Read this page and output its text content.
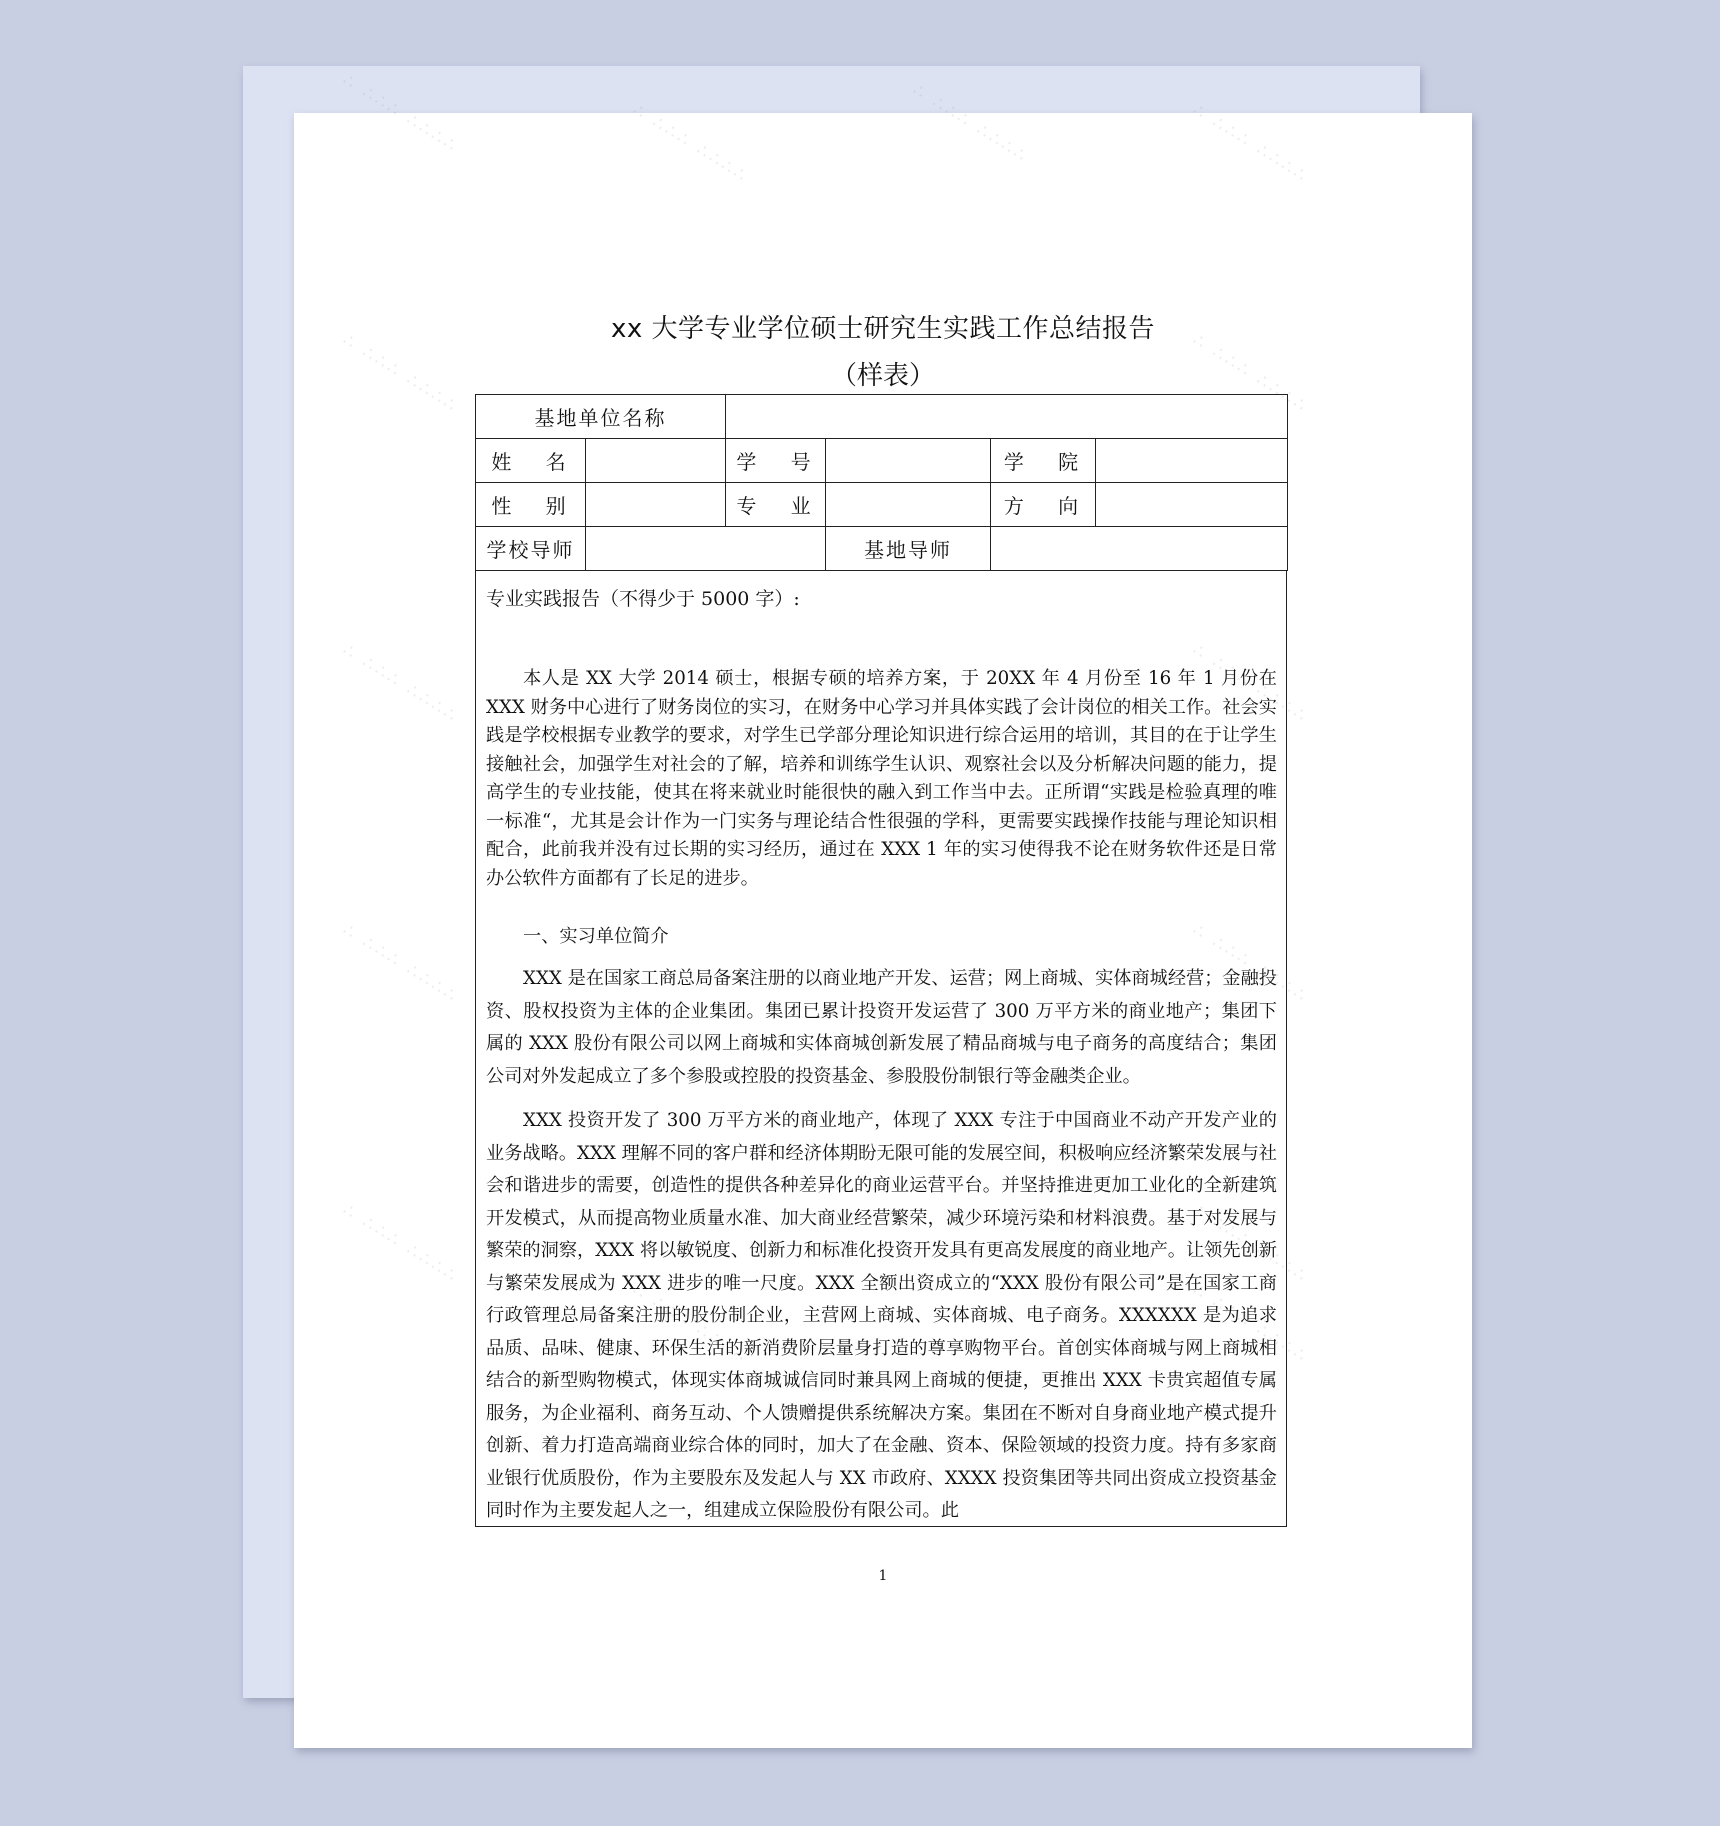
∴ ∴∴∴ ∴∴∴∴	∴ ∴∴∴ ∴∴∴∴	∴ ∴∴∴ ∴∴∴∴	∴ ∴∴∴ ∴∴∴∴
∴ ∴∴∴ ∴∴∴∴	∴ ∴∴∴ ∴∴∴∴
∴ ∴∴∴ ∴∴∴∴	∴ ∴∴∴ ∴∴∴∴
∴ ∴∴∴ ∴∴∴∴	∴ ∴∴∴ ∴∴∴∴
∴ ∴∴∴ ∴∴∴∴	∴ ∴∴∴ ∴∴∴∴
∴ ∴∴∴ ∴∴∴∴	∴ ∴∴∴ ∴∴∴∴
xx 大学专业学位硕士研究生实践工作总结报告
（样表）
基地单位名称					
姓 名		学 号		学 院	
性 别		专 业		方 向	
学校导师			基地导师		

专业实践报告（不得少于 5000 字）:

本人是 XX 大学 2014 硕士，根据专硕的培养方案，于 20XX 年 4 月份至 16 年 1 月份在 XXX 财务中心进行了财务岗位的实习，在财务中心学习并具体实践了会计岗位的相关工作。社会实践是学校根据专业教学的要求，对学生已学部分理论知识进行综合运用的培训，其目的在于让学生接触社会，加强学生对社会的了解，培养和训练学生认识、观察社会以及分析解决问题的能力，提高学生的专业技能，使其在将来就业时能很快的融入到工作当中去。正所谓“实践是检验真理的唯一标准“，尤其是会计作为一门实务与理论结合性很强的学科，更需要实践操作技能与理论知识相配合，此前我并没有过长期的实习经历，通过在 XXX 1 年的实习使得我不论在财务软件还是日常办公软件方面都有了长足的进步。

一、实习单位简介

XXX 是在国家工商总局备案注册的以商业地产开发、运营；网上商城、实体商城经营；金融投资、股权投资为主体的企业集团。集团已累计投资开发运营了 300 万平方米的商业地产；集团下属的 XXX 股份有限公司以网上商城和实体商城创新发展了精品商城与电子商务的高度结合；集团公司对外发起成立了多个参股或控股的投资基金、参股股份制银行等金融类企业。

XXX 投资开发了 300 万平方米的商业地产，体现了 XXX 专注于中国商业不动产开发产业的业务战略。XXX 理解不同的客户群和经济体期盼无限可能的发展空间，积极响应经济繁荣发展与社会和谐进步的需要，创造性的提供各种差异化的商业运营平台。并坚持推进更加工业化的全新建筑开发模式，从而提高物业质量水准、加大商业经营繁荣，减少环境污染和材料浪费。基于对发展与繁荣的洞察，XXX 将以敏锐度、创新力和标准化投资开发具有更高发展度的商业地产。让领先创新与繁荣发展成为 XXX 进步的唯一尺度。XXX 全额出资成立的“XXX 股份有限公司”是在国家工商行政管理总局备案注册的股份制企业，主营网上商城、实体商城、电子商务。XXXXXX 是为追求品质、品味、健康、环保生活的新消费阶层量身打造的尊享购物平台。首创实体商城与网上商城相结合的新型购物模式，体现实体商城诚信同时兼具网上商城的便捷，更推出 XXX 卡贵宾超值专属服务，为企业福利、商务互动、个人馈赠提供系统解决方案。集团在不断对自身商业地产模式提升创新、着力打造高端商业综合体的同时，加大了在金融、资本、保险领域的投资力度。持有多家商业银行优质股份，作为主要股东及发起人与 XX 市政府、XXXX 投资集团等共同出资成立投资基金 同时作为主要发起人之一，组建成立保险股份有限公司。此

1
